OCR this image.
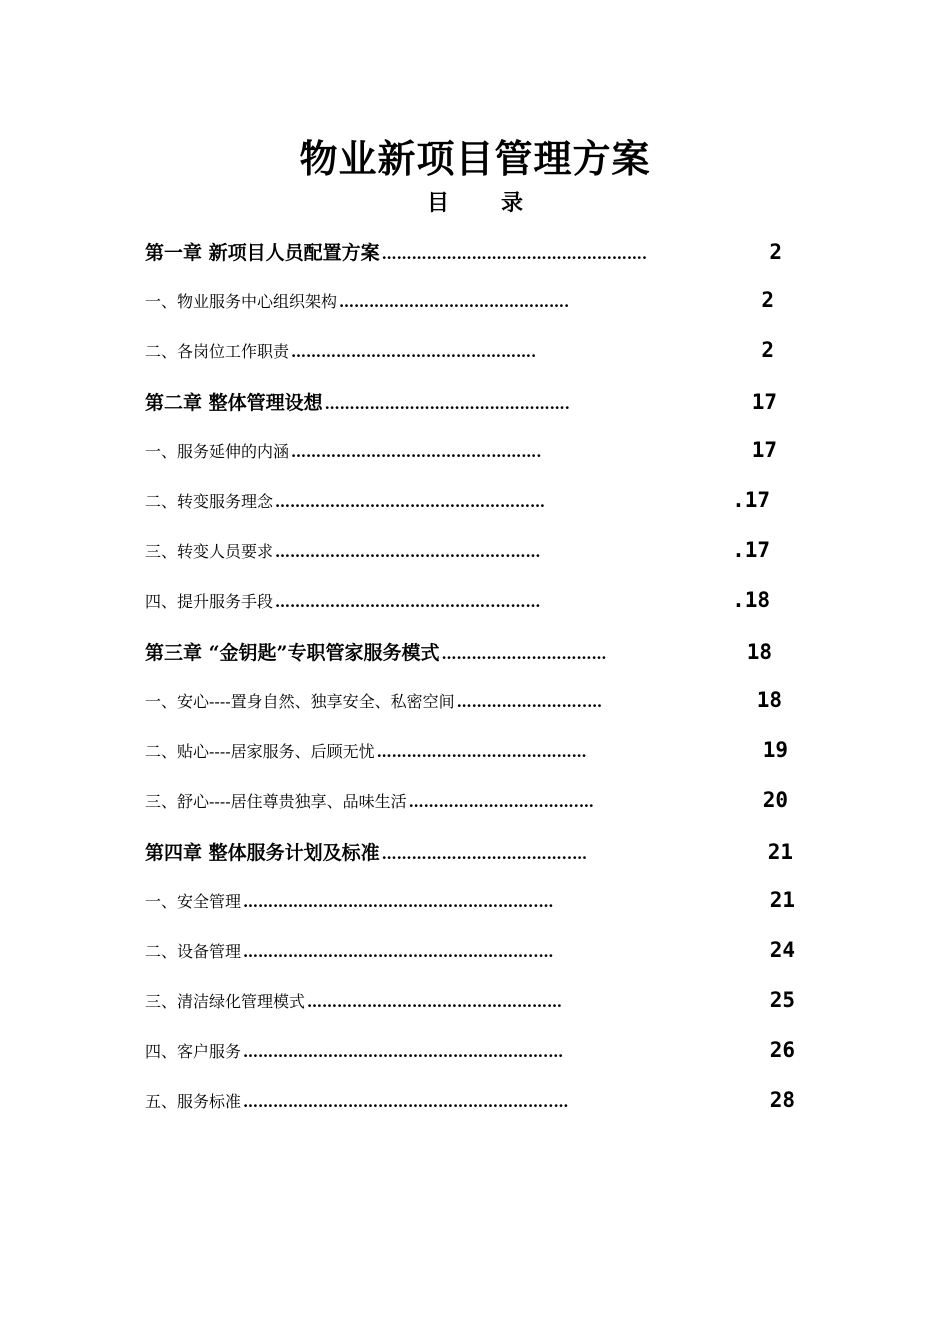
物业新项目管理方案
目 录
第一章 新项目人员配置方案 ………………………………….………….	2
一、物业服务中心组织架构 ……………………………………….	2
二、各岗位工作职责 ………………………………………….	2
第二章 整体管理设想 ………………………………………….	17
一、服务延伸的内涵 ………………………………….……….	17
二、转变服务理念 ………………………………………………	.17
三、转变人员要求 ………………………………………..……	.17
四、提升服务手段 ……………………………………..………	.18
第三章 “金钥匙”专职管家服务模式 ……………………………	18
一、安心----置身自然、独享安全、私密空间 ……………………..…	18
二、贴心----居家服务、后顾无忧 ……………………………………	19
三、舒心----居住尊贵独享、品味生活 …………………………….…	20
第四章 整体服务计划及标准 ………………………………..…	21
一、安全管理 …………………………………………………..…	21
二、设备管理 …………………………………………………..…	24
三、清洁绿化管理模式 ……………………………………………	25
四、客户服务 …………………………………………………….…	26
五、服务标准 ……………………………………………………..…	28
